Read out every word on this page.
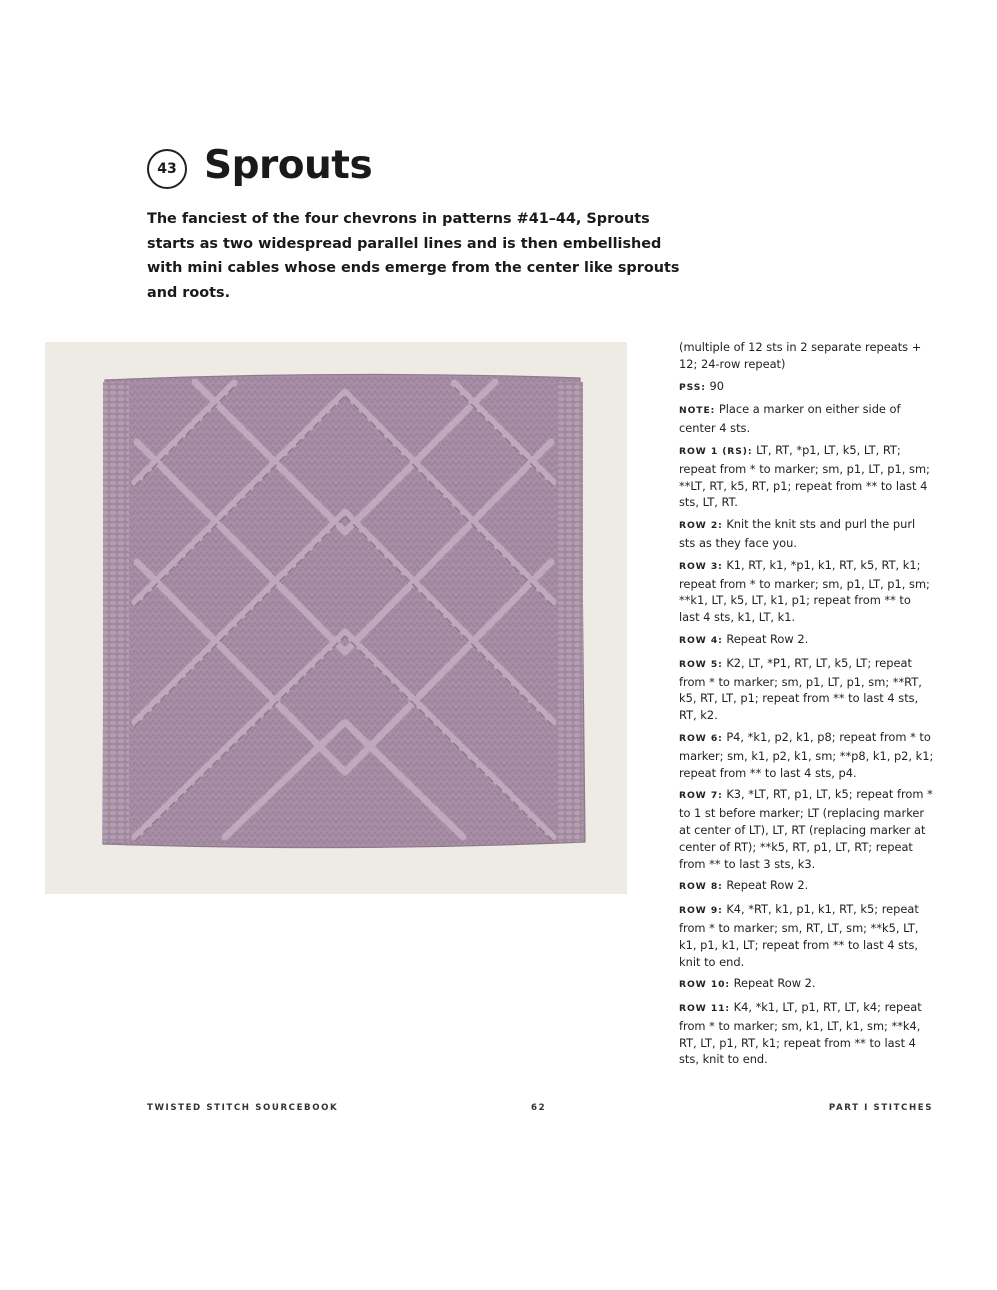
43 Sprouts

The fanciest of the four chevrons in patterns #41–44, Sprouts starts as two widespread parallel lines and is then embellished with mini cables whose ends emerge from the center like sprouts and roots.

(multiple of 12 sts in 2 separate repeats + 12; 24-row repeat)

PSS: 90

NOTE: Place a marker on either side of center 4 sts.

ROW 1 (RS): LT, RT, *p1, LT, k5, LT, RT; repeat from * to marker; sm, p1, LT, p1, sm; **LT, RT, k5, RT, p1; repeat from ** to last 4 sts, LT, RT.

ROW 2: Knit the knit sts and purl the purl sts as they face you.

ROW 3: K1, RT, k1, *p1, k1, RT, k5, RT, k1; repeat from * to marker; sm, p1, LT, p1, sm; **k1, LT, k5, LT, k1, p1; repeat from ** to last 4 sts, k1, LT, k1.

ROW 4: Repeat Row 2.

ROW 5: K2, LT, *P1, RT, LT, k5, LT; repeat from * to marker; sm, p1, LT, p1, sm; **RT, k5, RT, LT, p1; repeat from ** to last 4 sts, RT, k2.

ROW 6: P4, *k1, p2, k1, p8; repeat from * to marker; sm, k1, p2, k1, sm; **p8, k1, p2, k1; repeat from ** to last 4 sts, p4.

ROW 7: K3, *LT, RT, p1, LT, k5; repeat from * to 1 st before marker; LT (replacing marker at center of LT), LT, RT (replacing marker at center of RT); **k5, RT, p1, LT, RT; repeat from ** to last 3 sts, k3.

ROW 8: Repeat Row 2.

ROW 9: K4, *RT, k1, p1, k1, RT, k5; repeat from * to marker; sm, RT, LT, sm; **k5, LT, k1, p1, k1, LT; repeat from ** to last 4 sts, knit to end.

ROW 10: Repeat Row 2.

ROW 11: K4, *k1, LT, p1, RT, LT, k4; repeat from * to marker; sm, k1, LT, k1, sm; **k4, RT, LT, p1, RT, k1; repeat from ** to last 4 sts, knit to end.

TWISTED STITCH SOURCEBOOK	62	PART I STITCHES
